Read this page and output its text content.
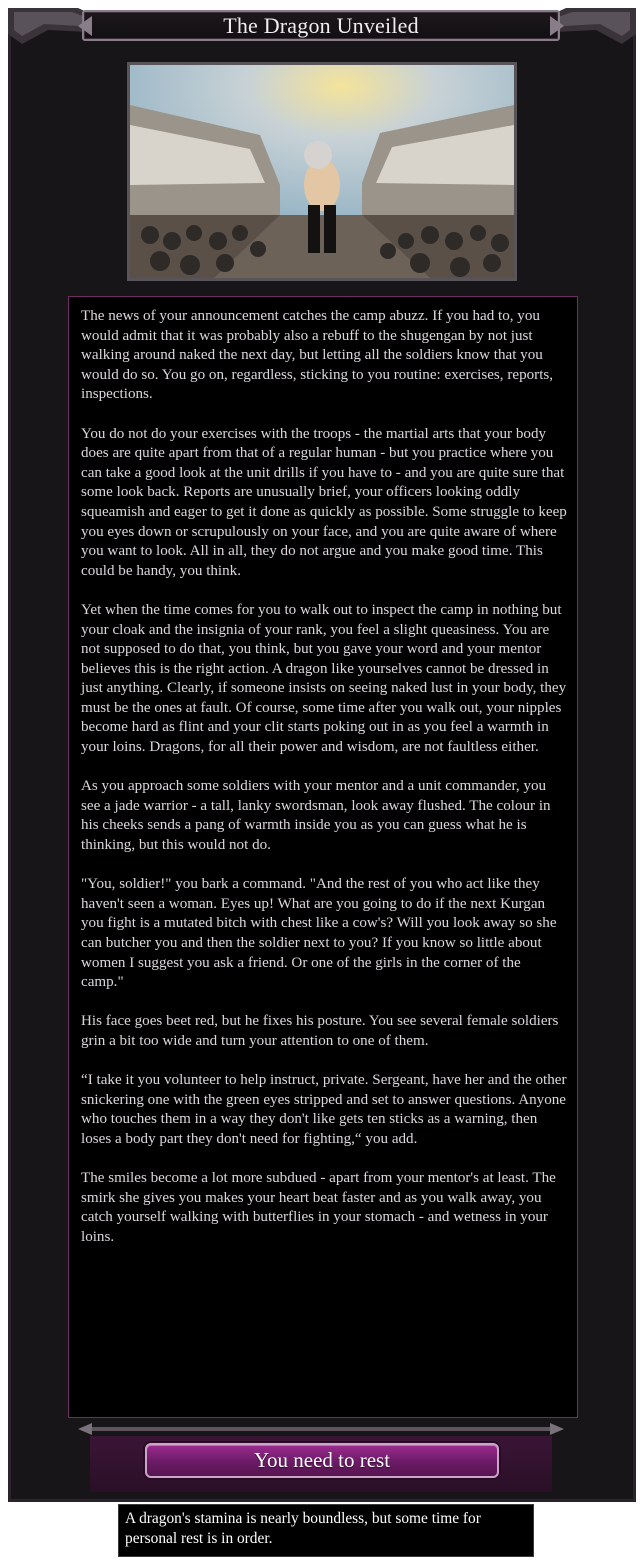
The Dragon Unveiled

The news of your announcement catches the camp abuzz. If you had to, you would admit that it was probably also a rebuff to the shugengan by not just walking around naked the next day, but letting all the soldiers know that you would do so. You go on, regardless, sticking to you routine: exercises, reports, inspections.

You do not do your exercises with the troops - the martial arts that your body does are quite apart from that of a regular human - but you practice where you can take a good look at the unit drills if you have to - and you are quite sure that some look back. Reports are unusually brief, your officers looking oddly squeamish and eager to get it done as quickly as possible. Some struggle to keep you eyes down or scrupulously on your face, and you are quite aware of where you want to look. All in all, they do not argue and you make good time. This could be handy, you think.

Yet when the time comes for you to walk out to inspect the camp in nothing but your cloak and the insignia of your rank, you feel a slight queasiness. You are not supposed to do that, you think, but you gave your word and your mentor believes this is the right action. A dragon like yourselves cannot be dressed in just anything. Clearly, if someone insists on seeing naked lust in your body, they must be the ones at fault. Of course, some time after you walk out, your nipples become hard as flint and your clit starts poking out in as you feel a warmth in your loins. Dragons, for all their power and wisdom, are not faultless either.

As you approach some soldiers with your mentor and a unit commander, you see a jade warrior - a tall, lanky swordsman, look away flushed. The colour in his cheeks sends a pang of warmth inside you as you can guess what he is thinking, but this would not do.

"You, soldier!" you bark a command. "And the rest of you who act like they haven't seen a woman. Eyes up! What are you going to do if the next Kurgan you fight is a mutated bitch with chest like a cow's? Will you look away so she can butcher you and then the soldier next to you? If you know so little about women I suggest you ask a friend. Or one of the girls in the corner of the camp."

His face goes beet red, but he fixes his posture. You see several female soldiers grin a bit too wide and turn your attention to one of them.

“I take it you volunteer to help instruct, private. Sergeant, have her and the other snickering one with the green eyes stripped and set to answer questions. Anyone who touches them in a way they don't like gets ten sticks as a warning, then loses a body part they don't need for fighting,“ you add.

The smiles become a lot more subdued - apart from your mentor's at least. The smirk she gives you makes your heart beat faster and as you walk away, you catch yourself walking with butterflies in your stomach - and wetness in your loins.

You need to rest
A dragon's stamina is nearly boundless, but some time for personal rest is in order.
